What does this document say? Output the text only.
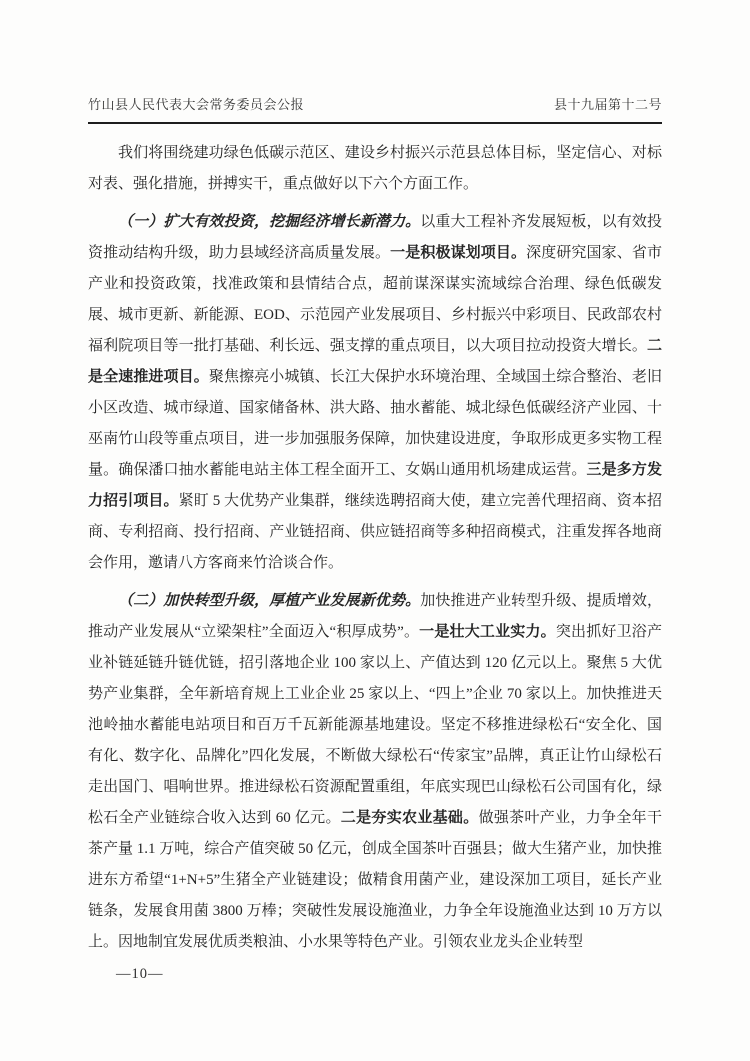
竹山县人民代表大会常务委员会公报	县十九届第十二号

我们将围绕建功绿色低碳示范区、建设乡村振兴示范县总体目标，坚定信心、对标对表、强化措施，拼搏实干，重点做好以下六个方面工作。

（一）扩大有效投资，挖掘经济增长新潜力。以重大工程补齐发展短板，以有效投资推动结构升级，助力县域经济高质量发展。一是积极谋划项目。深度研究国家、省市产业和投资政策，找准政策和县情结合点，超前谋深谋实流域综合治理、绿色低碳发展、城市更新、新能源、EOD、示范园产业发展项目、乡村振兴中彩项目、民政部农村福利院项目等一批打基础、利长远、强支撑的重点项目，以大项目拉动投资大增长。二是全速推进项目。聚焦擦亮小城镇、长江大保护水环境治理、全域国土综合整治、老旧小区改造、城市绿道、国家储备林、洪大路、抽水蓄能、城北绿色低碳经济产业园、十巫南竹山段等重点项目，进一步加强服务保障，加快建设进度，争取形成更多实物工程量。确保潘口抽水蓄能电站主体工程全面开工、女娲山通用机场建成运营。三是多方发力招引项目。紧盯 5 大优势产业集群，继续选聘招商大使，建立完善代理招商、资本招商、专利招商、投行招商、产业链招商、供应链招商等多种招商模式，注重发挥各地商会作用，邀请八方客商来竹洽谈合作。

（二）加快转型升级，厚植产业发展新优势。加快推进产业转型升级、提质增效，推动产业发展从“立梁架柱”全面迈入“积厚成势”。一是壮大工业实力。突出抓好卫浴产业补链延链升链优链，招引落地企业 100 家以上、产值达到 120 亿元以上。聚焦 5 大优势产业集群，全年新培育规上工业企业 25 家以上、“四上”企业 70 家以上。加快推进天池岭抽水蓄能电站项目和百万千瓦新能源基地建设。坚定不移推进绿松石“安全化、国有化、数字化、品牌化”四化发展，不断做大绿松石“传家宝”品牌，真正让竹山绿松石走出国门、唱响世界。推进绿松石资源配置重组，年底实现巴山绿松石公司国有化，绿松石全产业链综合收入达到 60 亿元。二是夯实农业基础。做强茶叶产业，力争全年干茶产量 1.1 万吨，综合产值突破 50 亿元，创成全国茶叶百强县；做大生猪产业，加快推进东方希望“1+N+5”生猪全产业链建设；做精食用菌产业，建设深加工项目，延长产业链条，发展食用菌 3800 万棒；突破性发展设施渔业，力争全年设施渔业达到 10 万方以上。因地制宜发展优质类粮油、小水果等特色产业。引领农业龙头企业转型

—10—
